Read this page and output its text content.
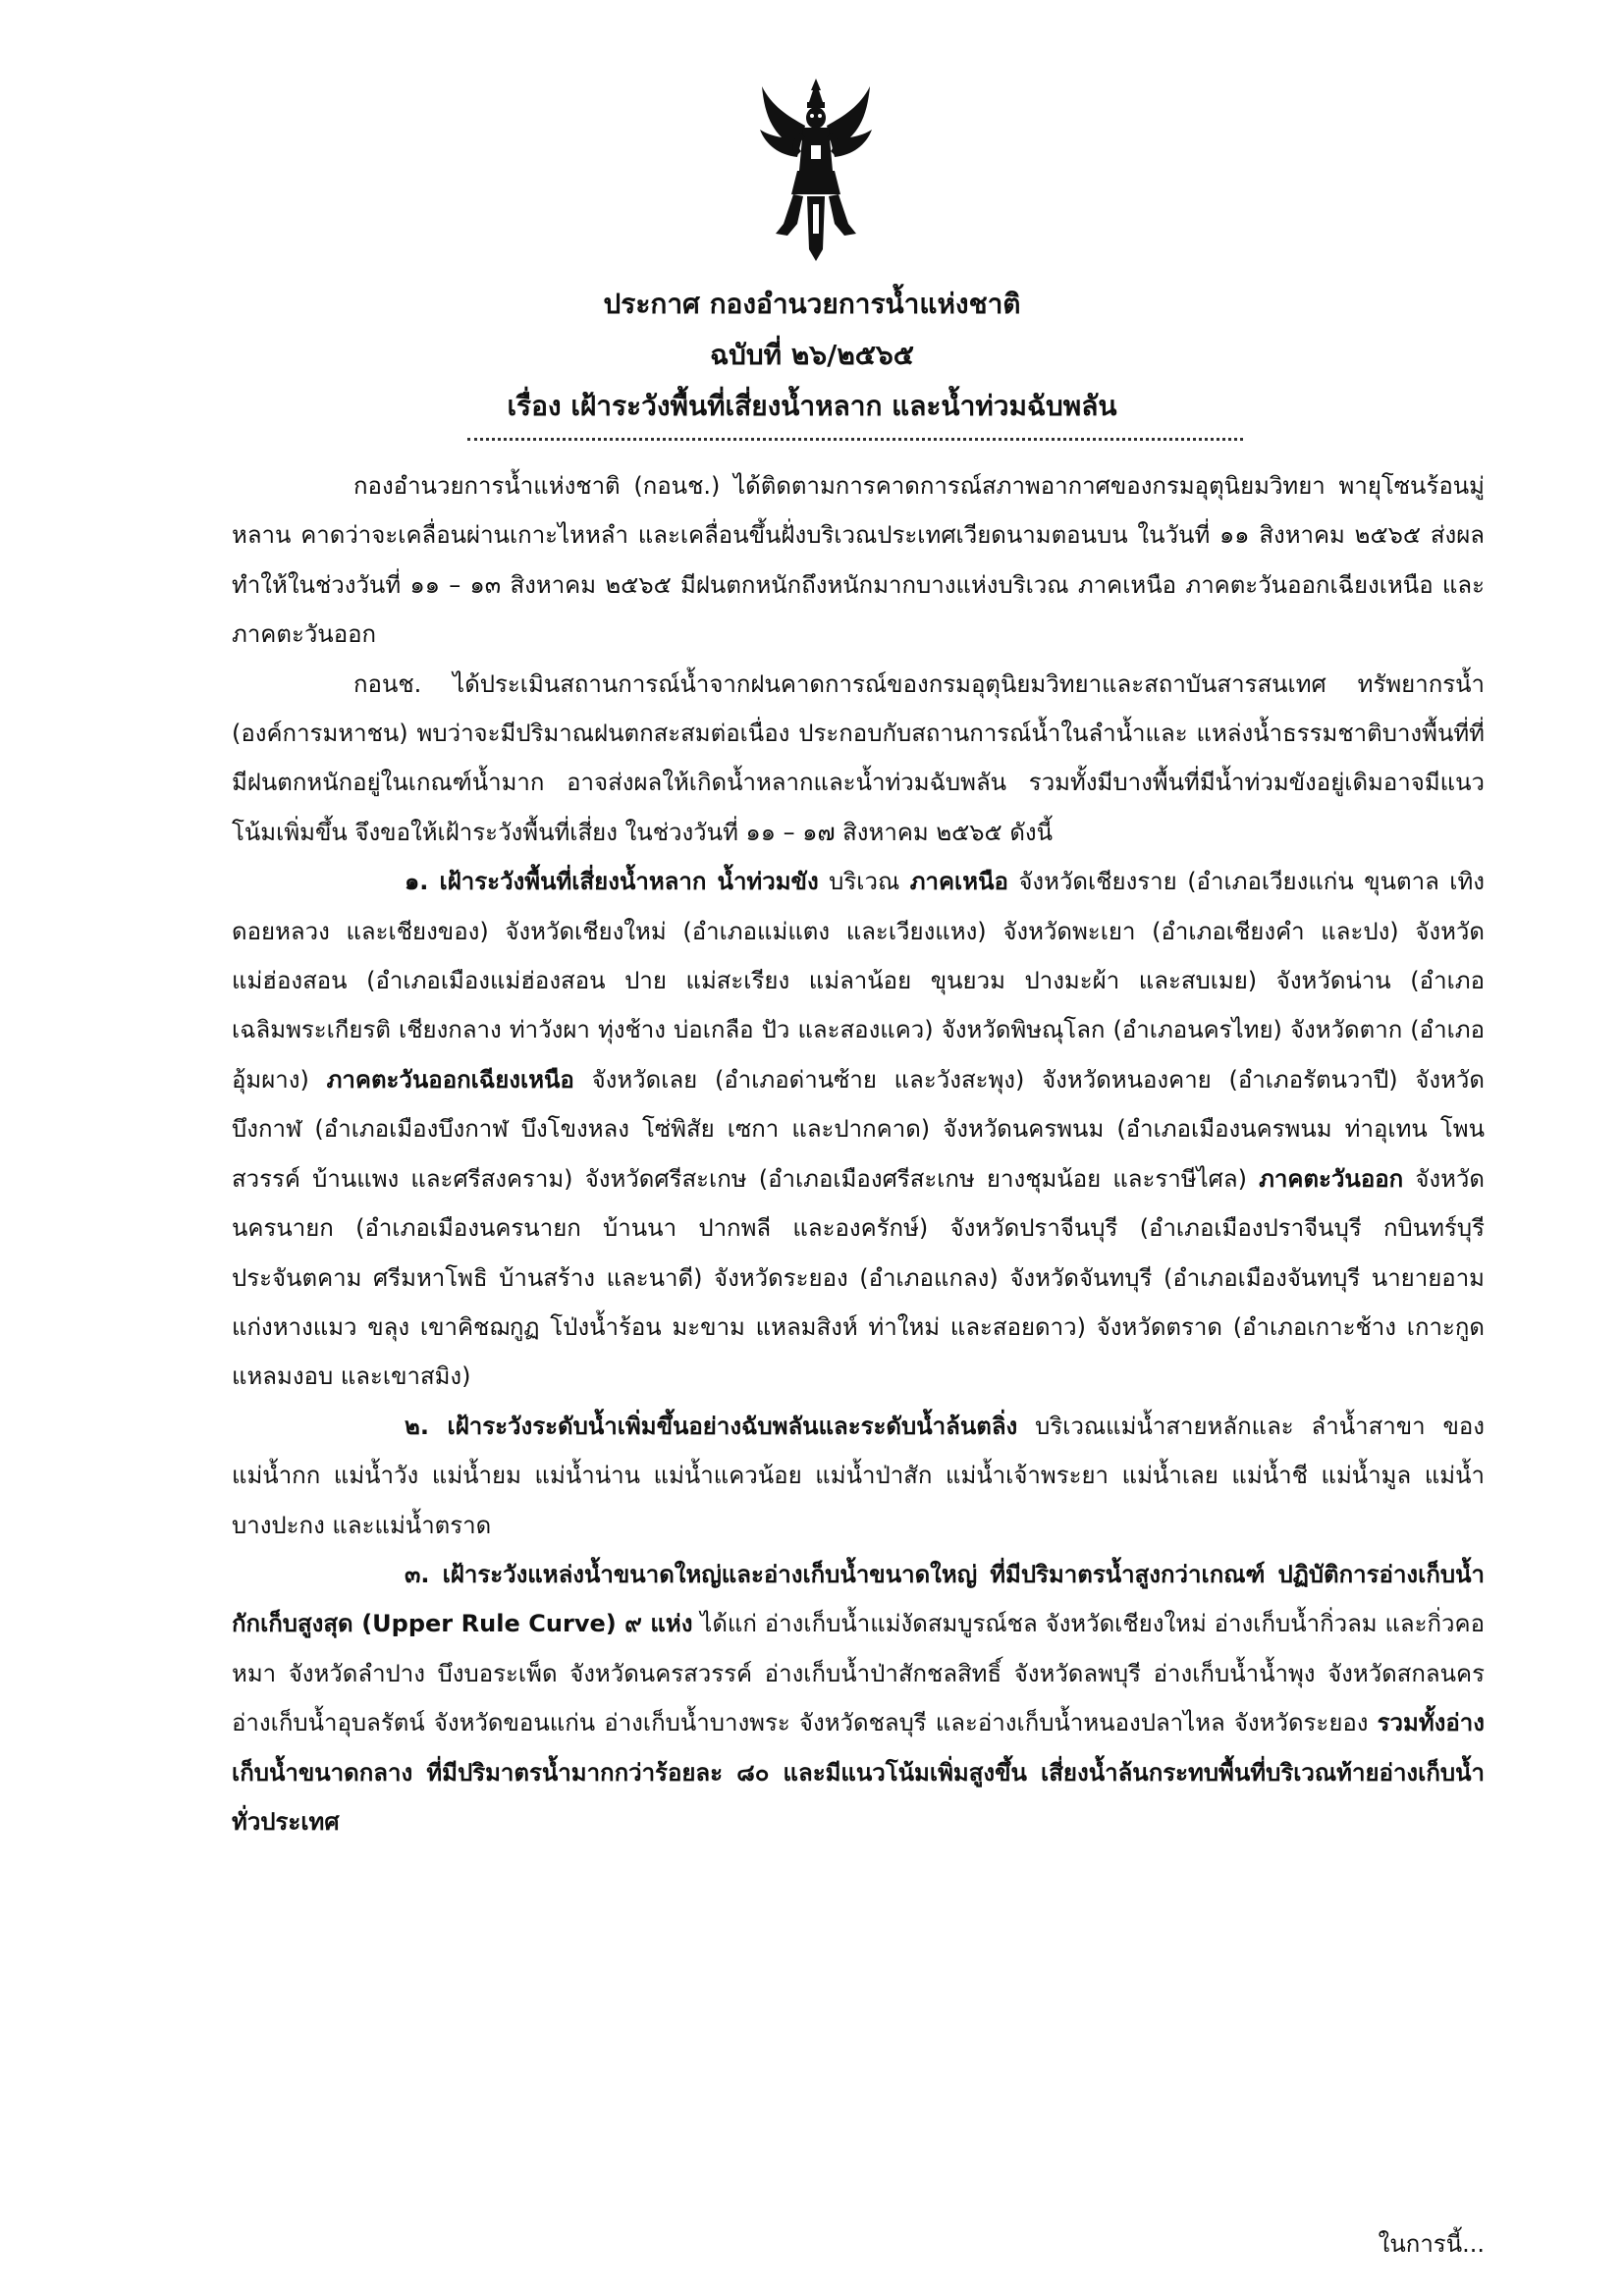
ประกาศ กองอำนวยการน้ำแห่งชาติ
ฉบับที่ ๒๖/๒๕๖๕
เรื่อง เฝ้าระวังพื้นที่เสี่ยงน้ำหลาก และน้ำท่วมฉับพลัน

กองอำนวยการน้ำแห่งชาติ (กอนช.) ได้ติดตามการคาดการณ์สภาพอากาศของกรมอุตุนิยมวิทยา พายุโซนร้อนมู่หลาน คาดว่าจะเคลื่อนผ่านเกาะไหหลำ และเคลื่อนขึ้นฝั่งบริเวณประเทศเวียดนามตอนบน ในวันที่ ๑๑ สิงหาคม ๒๕๖๕ ส่งผลทำให้ในช่วงวันที่ ๑๑ – ๑๓ สิงหาคม ๒๕๖๕ มีฝนตกหนักถึงหนักมากบางแห่งบริเวณ ภาคเหนือ ภาคตะวันออกเฉียงเหนือ และภาคตะวันออก

กอนช. ได้ประเมินสถานการณ์น้ำจากฝนคาดการณ์ของกรมอุตุนิยมวิทยาและสถาบันสารสนเทศ ทรัพยากรน้ำ (องค์การมหาชน) พบว่าจะมีปริมาณฝนตกสะสมต่อเนื่อง ประกอบกับสถานการณ์น้ำในลำน้ำและ แหล่งน้ำธรรมชาติบางพื้นที่ที่มีฝนตกหนักอยู่ในเกณฑ์น้ำมาก อาจส่งผลให้เกิดน้ำหลากและน้ำท่วมฉับพลัน รวมทั้งมีบางพื้นที่มีน้ำท่วมขังอยู่เดิมอาจมีแนวโน้มเพิ่มขึ้น จึงขอให้เฝ้าระวังพื้นที่เสี่ยง ในช่วงวันที่ ๑๑ – ๑๗ สิงหาคม ๒๕๖๕ ดังนี้

๑. เฝ้าระวังพื้นที่เสี่ยงน้ำหลาก น้ำท่วมขัง บริเวณ ภาคเหนือ จังหวัดเชียงราย (อำเภอเวียงแก่น ขุนตาล เทิง ดอยหลวง และเชียงของ) จังหวัดเชียงใหม่ (อำเภอแม่แตง และเวียงแหง) จังหวัดพะเยา (อำเภอเชียงคำ และปง) จังหวัดแม่ฮ่องสอน (อำเภอเมืองแม่ฮ่องสอน ปาย แม่สะเรียง แม่ลาน้อย ขุนยวม ปางมะผ้า และสบเมย) จังหวัดน่าน (อำเภอเฉลิมพระเกียรติ เชียงกลาง ท่าวังผา ทุ่งช้าง บ่อเกลือ ปัว และสองแคว) จังหวัดพิษณุโลก (อำเภอนครไทย) จังหวัดตาก (อำเภออุ้มผาง) ภาคตะวันออกเฉียงเหนือ จังหวัดเลย (อำเภอด่านซ้าย และวังสะพุง) จังหวัดหนองคาย (อำเภอรัตนวาปี) จังหวัดบึงกาฬ (อำเภอเมืองบึงกาฬ บึงโขงหลง โซ่พิสัย เซกา และปากคาด) จังหวัดนครพนม (อำเภอเมืองนครพนม ท่าอุเทน โพนสวรรค์ บ้านแพง และศรีสงคราม) จังหวัดศรีสะเกษ (อำเภอเมืองศรีสะเกษ ยางชุมน้อย และราษีไศล) ภาคตะวันออก จังหวัดนครนายก (อำเภอเมืองนครนายก บ้านนา ปากพลี และองครักษ์) จังหวัดปราจีนบุรี (อำเภอเมืองปราจีนบุรี กบินทร์บุรี ประจันตคาม ศรีมหาโพธิ บ้านสร้าง และนาดี) จังหวัดระยอง (อำเภอแกลง) จังหวัดจันทบุรี (อำเภอเมืองจันทบุรี นายายอาม แก่งหางแมว ขลุง เขาคิชฌกูฏ โป่งน้ำร้อน มะขาม แหลมสิงห์ ท่าใหม่ และสอยดาว) จังหวัดตราด (อำเภอเกาะช้าง เกาะกูด แหลมงอบ และเขาสมิง)

๒. เฝ้าระวังระดับน้ำเพิ่มขึ้นอย่างฉับพลันและระดับน้ำล้นตลิ่ง บริเวณแม่น้ำสายหลักและ ลำน้ำสาขา ของแม่น้ำกก แม่น้ำวัง แม่น้ำยม แม่น้ำน่าน แม่น้ำแควน้อย แม่น้ำป่าสัก แม่น้ำเจ้าพระยา แม่น้ำเลย แม่น้ำชี แม่น้ำมูล แม่น้ำบางปะกง และแม่น้ำตราด

๓. เฝ้าระวังแหล่งน้ำขนาดใหญ่และอ่างเก็บน้ำขนาดใหญ่ ที่มีปริมาตรน้ำสูงกว่าเกณฑ์ ปฏิบัติการอ่างเก็บน้ำกักเก็บสูงสุด (Upper Rule Curve) ๙ แห่ง ได้แก่ อ่างเก็บน้ำแม่งัดสมบูรณ์ชล จังหวัดเชียงใหม่ อ่างเก็บน้ำกิ่วลม และกิ่วคอหมา จังหวัดลำปาง บึงบอระเพ็ด จังหวัดนครสวรรค์ อ่างเก็บน้ำป่าสักชลสิทธิ์ จังหวัดลพบุรี อ่างเก็บน้ำน้ำพุง จังหวัดสกลนคร อ่างเก็บน้ำอุบลรัตน์ จังหวัดขอนแก่น อ่างเก็บน้ำบางพระ จังหวัดชลบุรี และอ่างเก็บน้ำหนองปลาไหล จังหวัดระยอง รวมทั้งอ่างเก็บน้ำขนาดกลาง ที่มีปริมาตรน้ำมากกว่าร้อยละ ๘๐ และมีแนวโน้มเพิ่มสูงขึ้น เสี่ยงน้ำล้นกระทบพื้นที่บริเวณท้ายอ่างเก็บน้ำ ทั่วประเทศ

ในการนี้...
